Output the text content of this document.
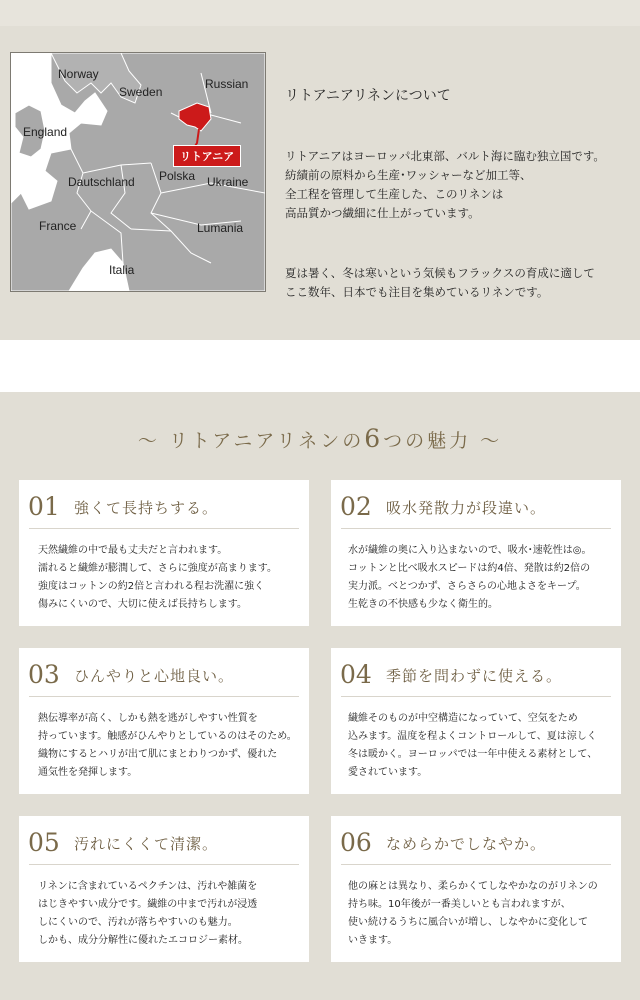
Norway
Sweden
Russian
England
Dautschland Polska Ukraine
France	Lumania
Italia
リトアニア
リトアニアリネンについて
リトアニアはヨーロッパ北東部、バルト海に臨む独立国です。
紡績前の原料から生産･ワッシャーなど加工等、
全工程を管理して生産した、このリネンは
高品質かつ繊細に仕上がっています。
夏は暑く、冬は寒いという気候もフラックスの育成に適して
ここ数年、日本でも注目を集めているリネンです。
～ リトアニアリネンの6つの魅力 ～
01 強くて長持ちする。
天然繊維の中で最も丈夫だと言われます。
濡れると繊維が膨潤して、さらに強度が高まります。
強度はコットンの約2倍と言われる程お洗濯に強く
傷みにくいので、大切に使えば長持ちします。
02 吸水発散力が段違い。
水が繊維の奥に入り込まないので、吸水･速乾性は◎。
コットンと比べ吸水スピードは約4倍、発散は約2倍の
実力派。べとつかず、さらさらの心地よさをキープ。
生乾きの不快感も少なく衛生的。
03 ひんやりと心地良い。
熱伝導率が高く、しかも熱を逃がしやすい性質を
持っています。触感がひんやりとしているのはそのため。
織物にするとハリが出て肌にまとわりつかず、優れた
通気性を発揮します。
04 季節を問わずに使える。
繊維そのものが中空構造になっていて、空気をため
込みます。温度を程よくコントロールして、夏は涼しく
冬は暖かく。ヨーロッパでは一年中使える素材として、
愛されています。
05 汚れにくくて清潔。
リネンに含まれているペクチンは、汚れや雑菌を
はじきやすい成分です。繊維の中まで汚れが浸透
しにくいので、汚れが落ちやすいのも魅力。
しかも、成分分解性に優れたエコロジー素材。
06 なめらかでしなやか。
他の麻とは異なり、柔らかくてしなやかなのがリネンの
持ち味。10年後が一番美しいとも言われますが、
使い続けるうちに風合いが増し、しなやかに変化して
いきます。
